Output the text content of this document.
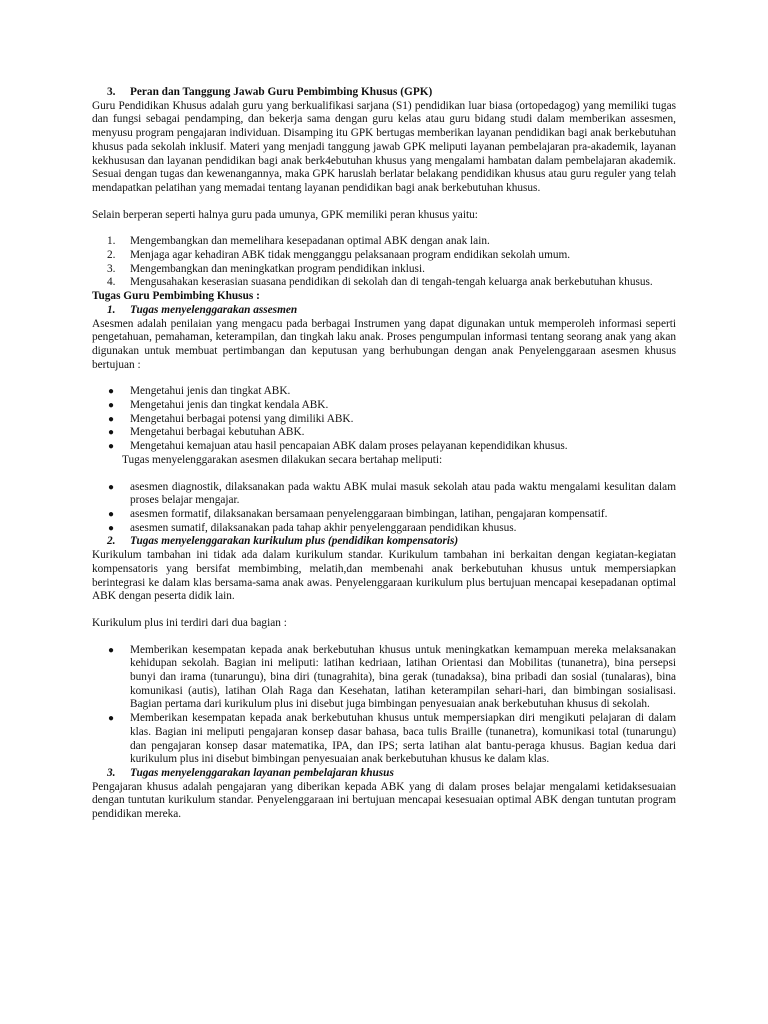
3. Peran dan Tanggung Jawab Guru Pembimbing Khusus (GPK)

Guru Pendidikan Khusus adalah guru yang berkualifikasi sarjana (S1) pendidikan luar biasa (ortopedagog) yang memiliki tugas dan fungsi sebagai pendamping, dan bekerja sama dengan guru kelas atau guru bidang studi dalam memberikan assesmen, menyusu program pengajaran individuan. Disamping itu GPK bertugas memberikan layanan pendidikan bagi anak berkebutuhan khusus pada sekolah inklusif. Materi yang menjadi tanggung jawab GPK meliputi layanan pembelajaran pra-akademik, layanan kekhususan dan layanan pendidikan bagi anak berk4ebutuhan khusus yang mengalami hambatan dalam pembelajaran akademik. Sesuai dengan tugas dan kewenangannya, maka GPK haruslah berlatar belakang pendidikan khusus atau guru reguler yang telah mendapatkan pelatihan yang memadai tentang layanan pendidikan bagi anak berkebutuhan khusus.

Selain berperan seperti halnya guru pada umunya, GPK memiliki peran khusus yaitu:

1. Mengembangkan dan memelihara kesepadanan optimal ABK dengan anak lain.
2. Menjaga agar kehadiran ABK tidak mengganggu pelaksanaan program endidikan sekolah umum.
3. Mengembangkan dan meningkatkan program pendidikan inklusi.
4. Mengusahakan keserasian suasana pendidikan di sekolah dan di tengah-tengah keluarga anak berkebutuhan khusus.
Tugas Guru Pembimbing Khusus :
1. Tugas menyelenggarakan assesmen

Asesmen adalah penilaian yang mengacu pada berbagai Instrumen yang dapat digunakan untuk memperoleh informasi seperti pengetahuan, pemahaman, keterampilan, dan tingkah laku anak. Proses pengumpulan informasi tentang seorang anak yang akan digunakan untuk membuat pertimbangan dan keputusan yang berhubungan dengan anak Penyelenggaraan asesmen khusus bertujuan :

● Mengetahui jenis dan tingkat ABK.
● Mengetahui jenis dan tingkat kendala ABK.
● Mengetahui berbagai potensi yang dimiliki ABK.
● Mengetahui berbagai kebutuhan ABK.
● Mengetahui kemajuan atau hasil pencapaian ABK dalam proses pelayanan kependidikan khusus.
Tugas menyelenggarakan asesmen dilakukan secara bertahap meliputi:
● asesmen diagnostik, dilaksanakan pada waktu ABK mulai masuk sekolah atau pada waktu mengalami kesulitan dalam proses belajar mengajar.
● asesmen formatif, dilaksanakan bersamaan penyelenggaraan bimbingan, latihan, pengajaran kompensatif.
● asesmen sumatif, dilaksanakan pada tahap akhir penyelenggaraan pendidikan khusus.
2. Tugas menyelenggarakan kurikulum plus (pendidikan kompensatoris)

Kurikulum tambahan ini tidak ada dalam kurikulum standar. Kurikulum tambahan ini berkaitan dengan kegiatan-kegiatan kompensatoris yang bersifat membimbing, melatih,dan membenahi anak berkebutuhan khusus untuk mempersiapkan berintegrasi ke dalam klas bersama-sama anak awas. Penyelenggaraan kurikulum plus bertujuan mencapai kesepadanan optimal ABK dengan peserta didik lain.

Kurikulum plus ini terdiri dari dua bagian :

● Memberikan kesempatan kepada anak berkebutuhan khusus untuk meningkatkan kemampuan mereka melaksanakan kehidupan sekolah. Bagian ini meliputi: latihan kedriaan, latihan Orientasi dan Mobilitas (tunanetra), bina persepsi bunyi dan irama (tunarungu), bina diri (tunagrahita), bina gerak (tunadaksa), bina pribadi dan sosial (tunalaras), bina komunikasi (autis), latihan Olah Raga dan Kesehatan, latihan keterampilan sehari-hari, dan bimbingan sosialisasi. Bagian pertama dari kurikulum plus ini disebut juga bimbingan penyesuaian anak berkebutuhan khusus di sekolah.
● Memberikan kesempatan kepada anak berkebutuhan khusus untuk mempersiapkan diri mengikuti pelajaran di dalam klas. Bagian ini meliputi pengajaran konsep dasar bahasa, baca tulis Braille (tunanetra), komunikasi total (tunarungu) dan pengajaran konsep dasar matematika, IPA, dan IPS; serta latihan alat bantu-peraga khusus. Bagian kedua dari kurikulum plus ini disebut bimbingan penyesuaian anak berkebutuhan khusus ke dalam klas.
3. Tugas menyelenggarakan layanan pembelajaran khusus

Pengajaran khusus adalah pengajaran yang diberikan kepada ABK yang di dalam proses belajar mengalami ketidaksesuaian dengan tuntutan kurikulum standar. Penyelenggaraan ini bertujuan mencapai kesesuaian optimal ABK dengan tuntutan program pendidikan mereka.
